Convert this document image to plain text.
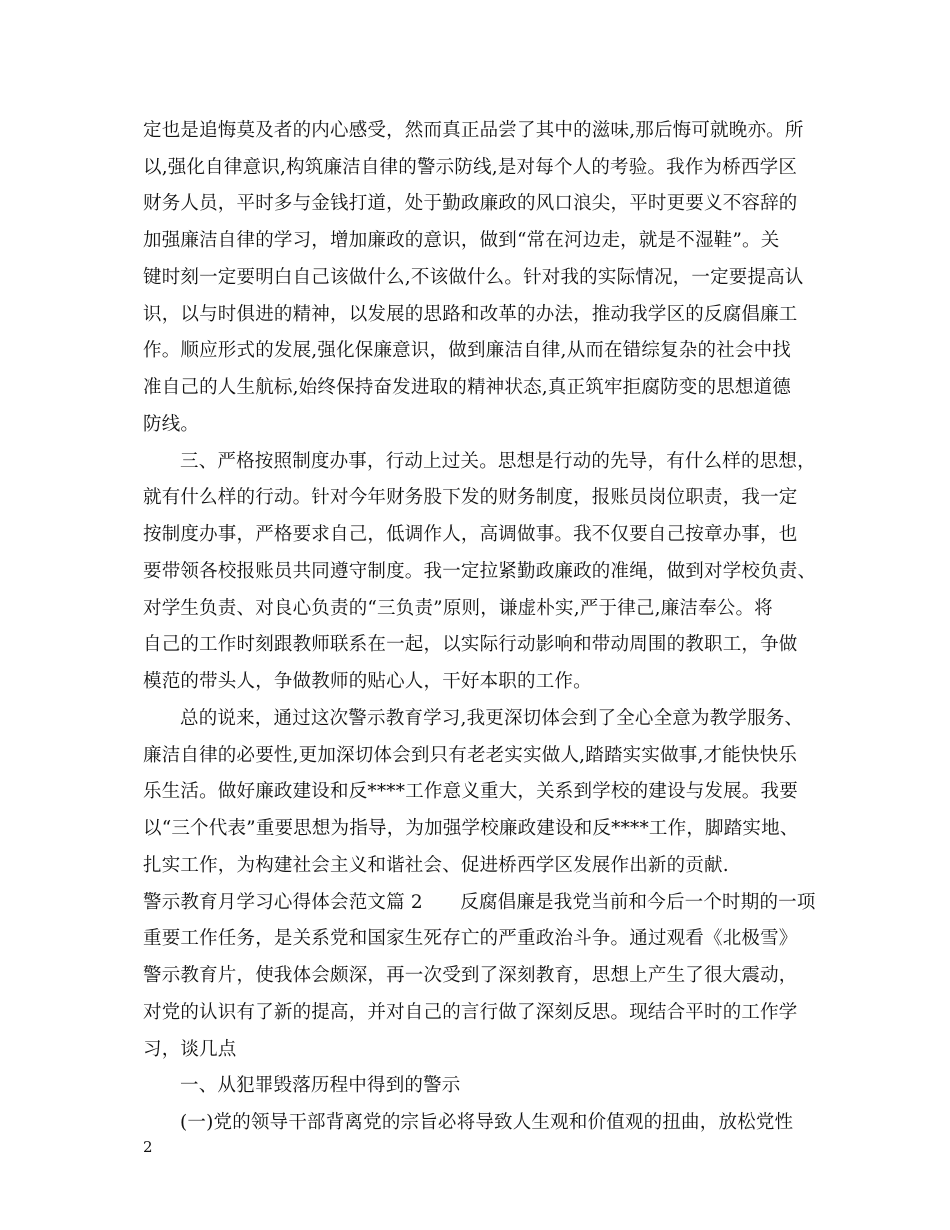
定也是追悔莫及者的内心感受，然而真正品尝了其中的滋味,那后悔可就晚亦。所
以,强化自律意识,构筑廉洁自律的警示防线,是对每个人的考验。我作为桥西学区
财务人员，平时多与金钱打道，处于勤政廉政的风口浪尖，平时更要义不容辞的
加强廉洁自律的学习，增加廉政的意识，做到“常在河边走，就是不湿鞋”。关
键时刻一定要明白自己该做什么,不该做什么。针对我的实际情况，一定要提高认
识，以与时俱进的精神，以发展的思路和改革的办法，推动我学区的反腐倡廉工
作。顺应形式的发展,强化保廉意识，做到廉洁自律,从而在错综复杂的社会中找
准自己的人生航标,始终保持奋发进取的精神状态,真正筑牢拒腐防变的思想道德
防线。
三、严格按照制度办事，行动上过关。思想是行动的先导，有什么样的思想，
就有什么样的行动。针对今年财务股下发的财务制度，报账员岗位职责，我一定
按制度办事，严格要求自己，低调作人，高调做事。我不仅要自己按章办事，也
要带领各校报账员共同遵守制度。我一定拉紧勤政廉政的准绳，做到对学校负责、
对学生负责、对良心负责的“三负责”原则，谦虚朴实,严于律己,廉洁奉公。将
自己的工作时刻跟教师联系在一起，以实际行动影响和带动周围的教职工，争做
模范的带头人，争做教师的贴心人，干好本职的工作。
总的说来，通过这次警示教育学习,我更深切体会到了全心全意为教学服务、
廉洁自律的必要性,更加深切体会到只有老老实实做人,踏踏实实做事,才能快快乐
乐生活。做好廉政建设和反****工作意义重大，关系到学校的建设与发展。我要
以“三个代表”重要思想为指导，为加强学校廉政建设和反****工作，脚踏实地、
扎实工作，为构建社会主义和谐社会、促进桥西学区发展作出新的贡献.
警示教育月学习心得体会范文篇 2　　反腐倡廉是我党当前和今后一个时期的一项
重要工作任务，是关系党和国家生死存亡的严重政治斗争。通过观看《北极雪》
警示教育片，使我体会颇深，再一次受到了深刻教育，思想上产生了很大震动，
对党的认识有了新的提高，并对自己的言行做了深刻反思。现结合平时的工作学
习，谈几点
一、从犯罪毁落历程中得到的警示
(一)党的领导干部背离党的宗旨必将导致人生观和价值观的扭曲，放松党性
2
